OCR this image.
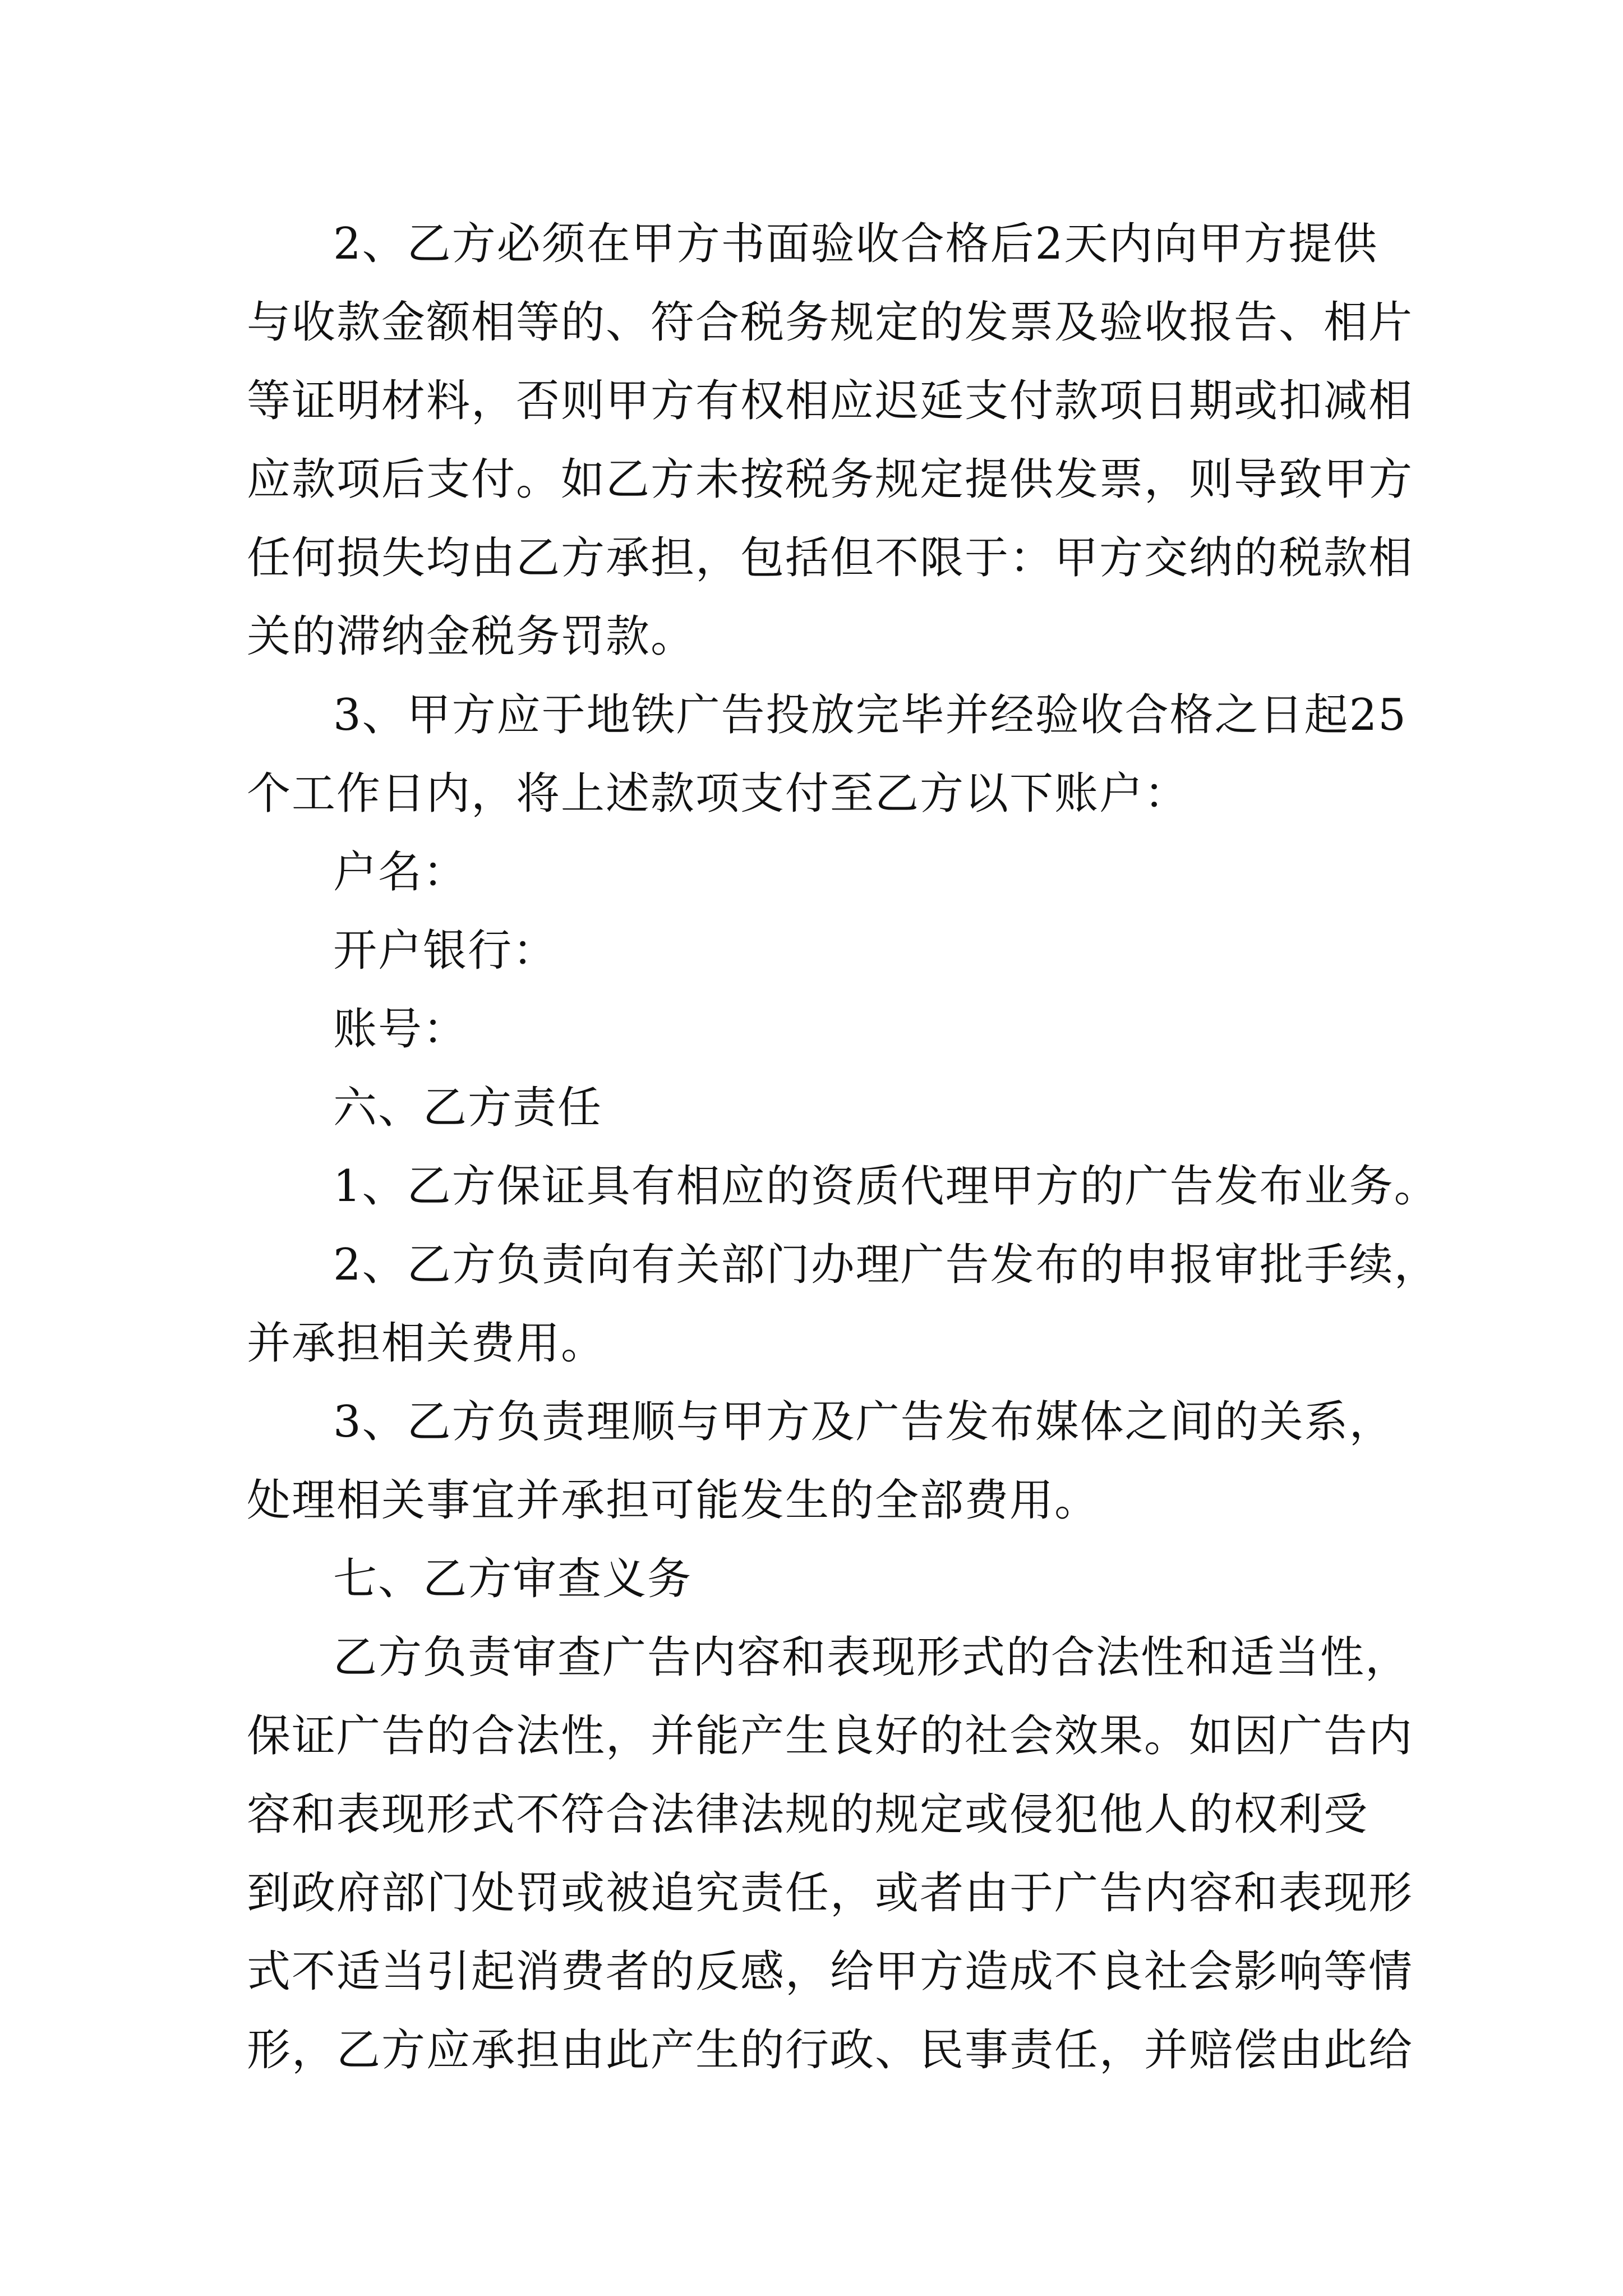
2、乙方必须在甲方书面验收合格后2天内向甲方提供
与收款金额相等的、符合税务规定的发票及验收报告、相片
等证明材料，否则甲方有权相应迟延支付款项日期或扣减相
应款项后支付。如乙方未按税务规定提供发票，则导致甲方
任何损失均由乙方承担，包括但不限于：甲方交纳的税款相
关的滞纳金税务罚款。
3、甲方应于地铁广告投放完毕并经验收合格之日起25
个工作日内，将上述款项支付至乙方以下账户：
户名：
开户银行：
账号：
六、乙方责任
1、乙方保证具有相应的资质代理甲方的广告发布业务。
2、乙方负责向有关部门办理广告发布的申报审批手续，
并承担相关费用。
3、乙方负责理顺与甲方及广告发布媒体之间的关系，
处理相关事宜并承担可能发生的全部费用。
七、乙方审查义务
乙方负责审查广告内容和表现形式的合法性和适当性，
保证广告的合法性，并能产生良好的社会效果。如因广告内
容和表现形式不符合法律法规的规定或侵犯他人的权利受
到政府部门处罚或被追究责任，或者由于广告内容和表现形
式不适当引起消费者的反感，给甲方造成不良社会影响等情
形，乙方应承担由此产生的行政、民事责任，并赔偿由此给
